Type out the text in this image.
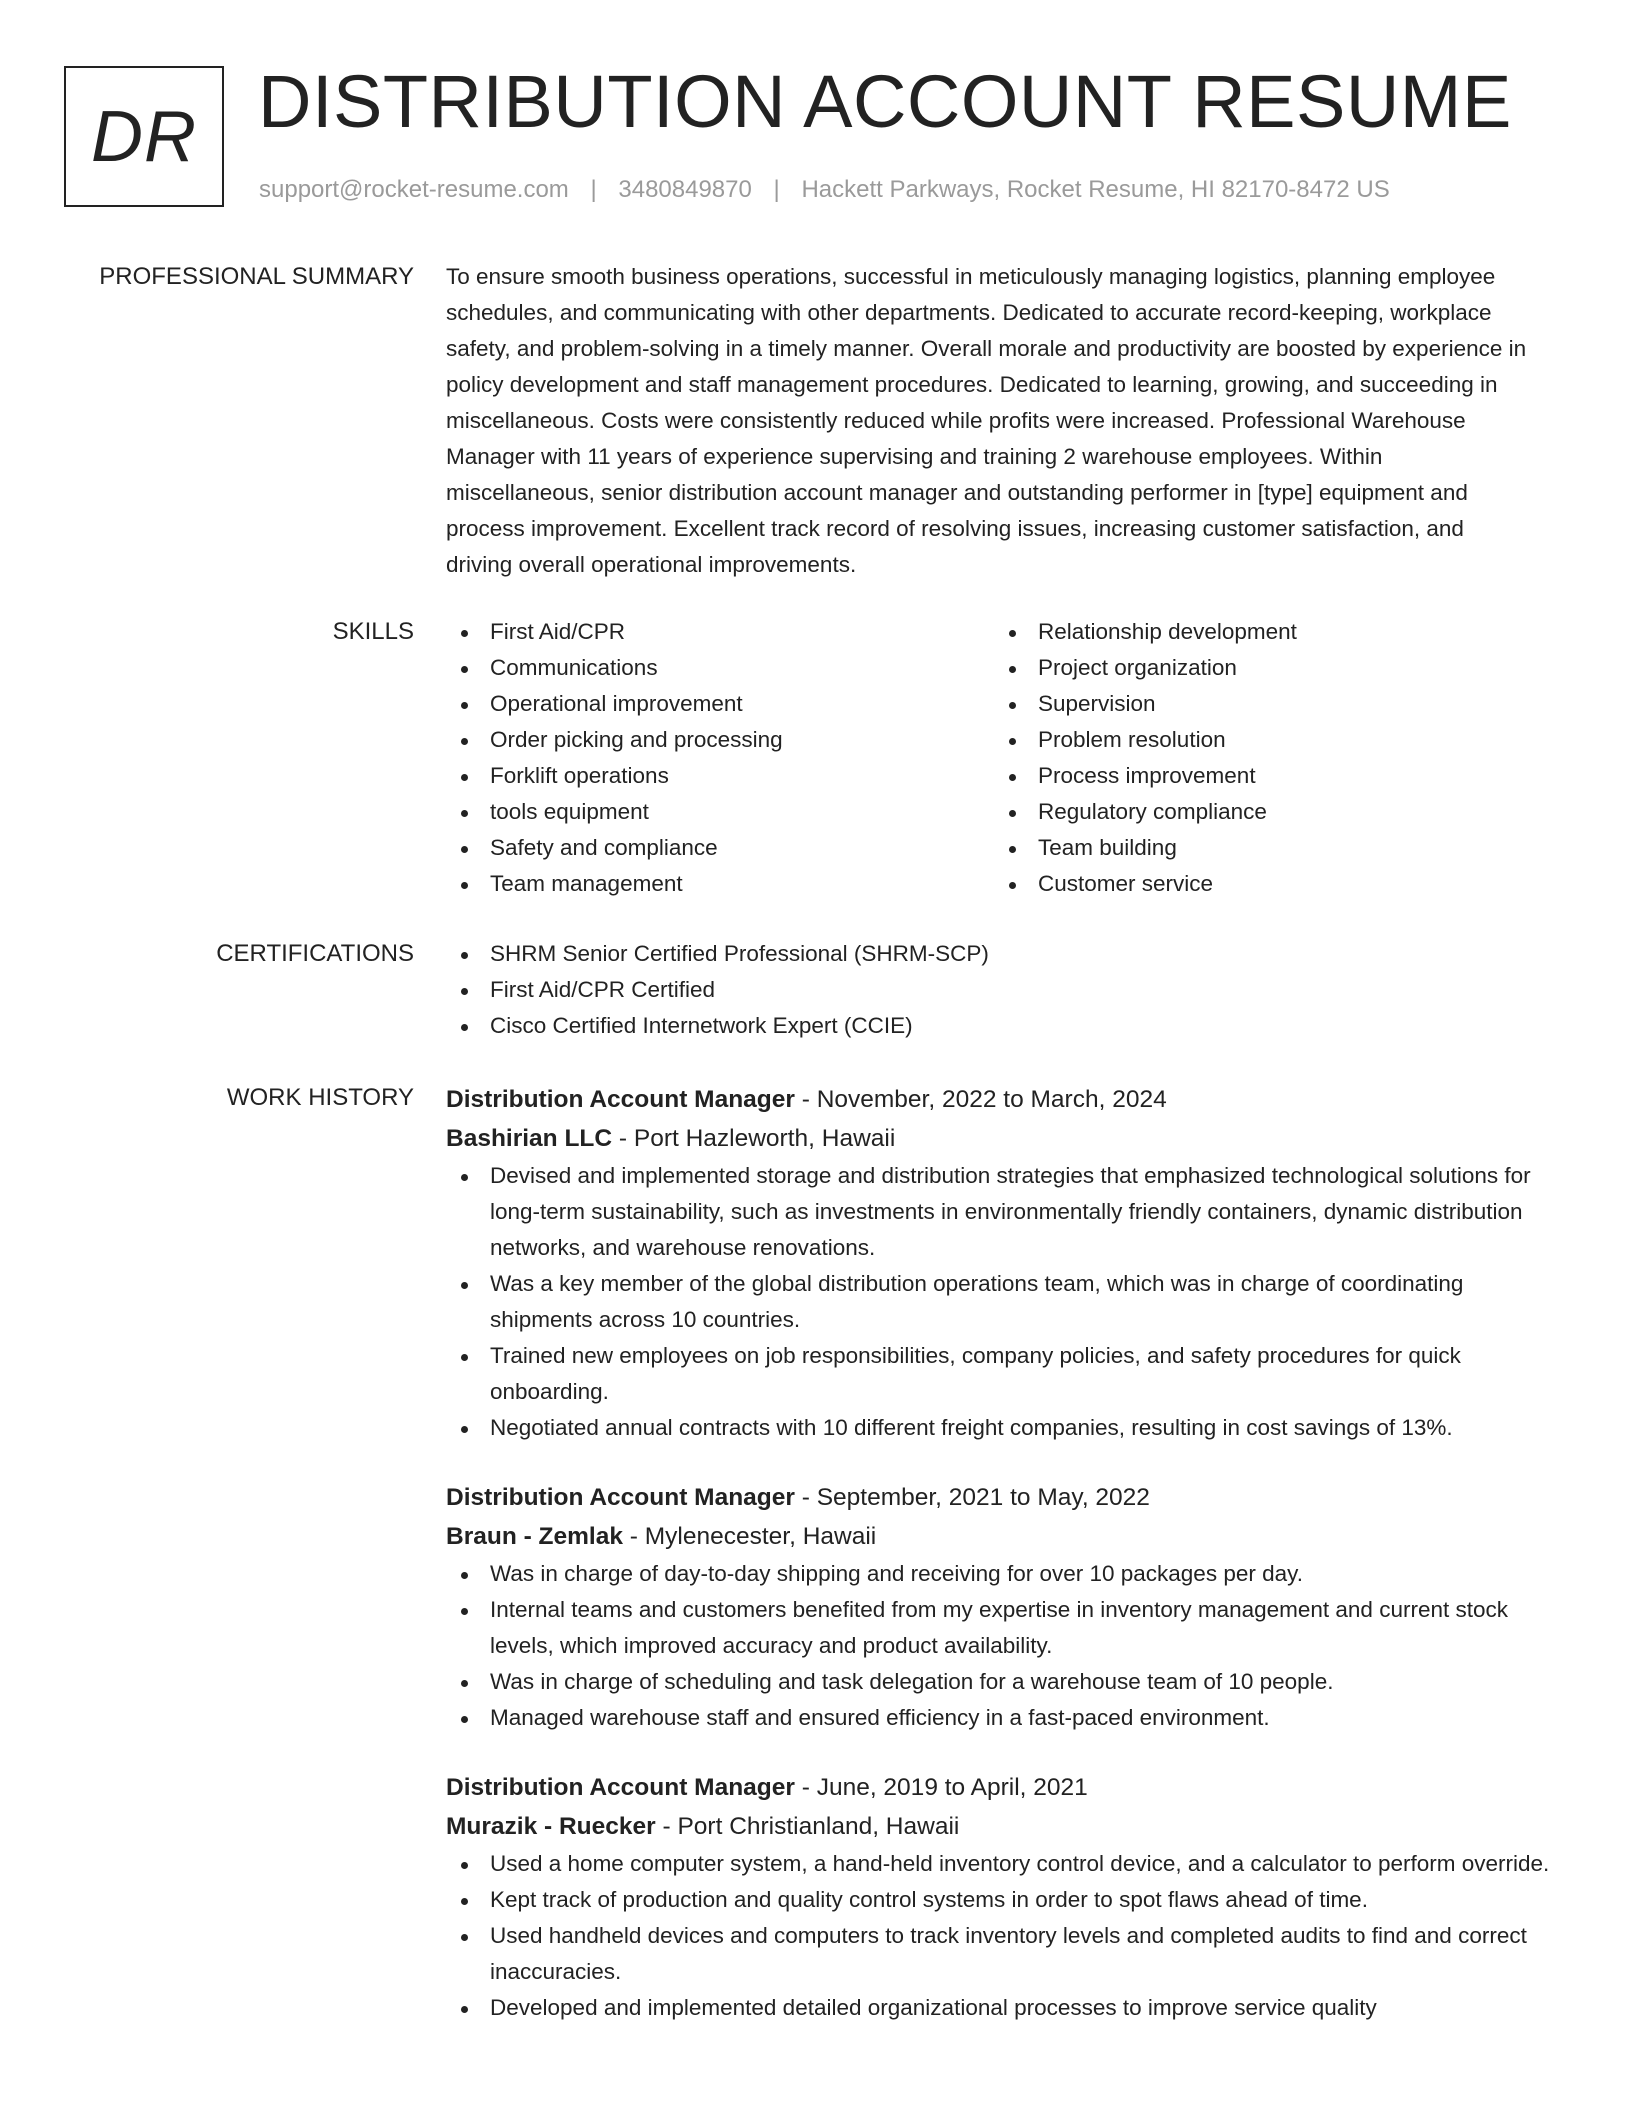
DR DISTRIBUTION ACCOUNT RESUME
support@rocket-resume.com | 3480849870 | Hackett Parkways, Rocket Resume, HI 82170-8472 US
PROFESSIONAL SUMMARY To ensure smooth business operations, successful in meticulously managing logistics, planning employee schedules, and communicating with other departments. Dedicated to accurate record-keeping, workplace safety, and problem-solving in a timely manner. Overall morale and productivity are boosted by experience in policy development and staff management procedures. Dedicated to learning, growing, and succeeding in miscellaneous. Costs were consistently reduced while profits were increased. Professional Warehouse Manager with 11 years of experience supervising and training 2 warehouse employees. Within miscellaneous, senior distribution account manager and outstanding performer in [type] equipment and process improvement. Excellent track record of resolving issues, increasing customer satisfaction, and driving overall operational improvements.

SKILLS	First Aid/CPR
Communications
Operational improvement
Order picking and processing
Forklift operations
tools equipment
Safety and compliance
Team management
Relationship development
Project organization
Supervision
Problem resolution
Process improvement
Regulatory compliance
Team building
Customer service
CERTIFICATIONS	SHRM Senior Certified Professional (SHRM-SCP)
First Aid/CPR Certified
Cisco Certified Internetwork Expert (CCIE)
WORK HISTORY Distribution Account Manager - November, 2022 to March, 2024
Bashirian LLC - Port Hazleworth, Hawaii
Devised and implemented storage and distribution strategies that emphasized technological solutions for long-term sustainability, such as investments in environmentally friendly containers, dynamic distribution networks, and warehouse renovations.
Was a key member of the global distribution operations team, which was in charge of coordinating shipments across 10 countries.
Trained new employees on job responsibilities, company policies, and safety procedures for quick onboarding.
Negotiated annual contracts with 10 different freight companies, resulting in cost savings of 13%.
Distribution Account Manager - September, 2021 to May, 2022
Braun - Zemlak - Mylenecester, Hawaii
Was in charge of day-to-day shipping and receiving for over 10 packages per day.
Internal teams and customers benefited from my expertise in inventory management and current stock levels, which improved accuracy and product availability.
Was in charge of scheduling and task delegation for a warehouse team of 10 people.
Managed warehouse staff and ensured efficiency in a fast-paced environment.
Distribution Account Manager - June, 2019 to April, 2021
Murazik - Ruecker - Port Christianland, Hawaii
Used a home computer system, a hand-held inventory control device, and a calculator to perform override.
Kept track of production and quality control systems in order to spot flaws ahead of time.
Used handheld devices and computers to track inventory levels and completed audits to find and correct inaccuracies.
Developed and implemented detailed organizational processes to improve service quality
